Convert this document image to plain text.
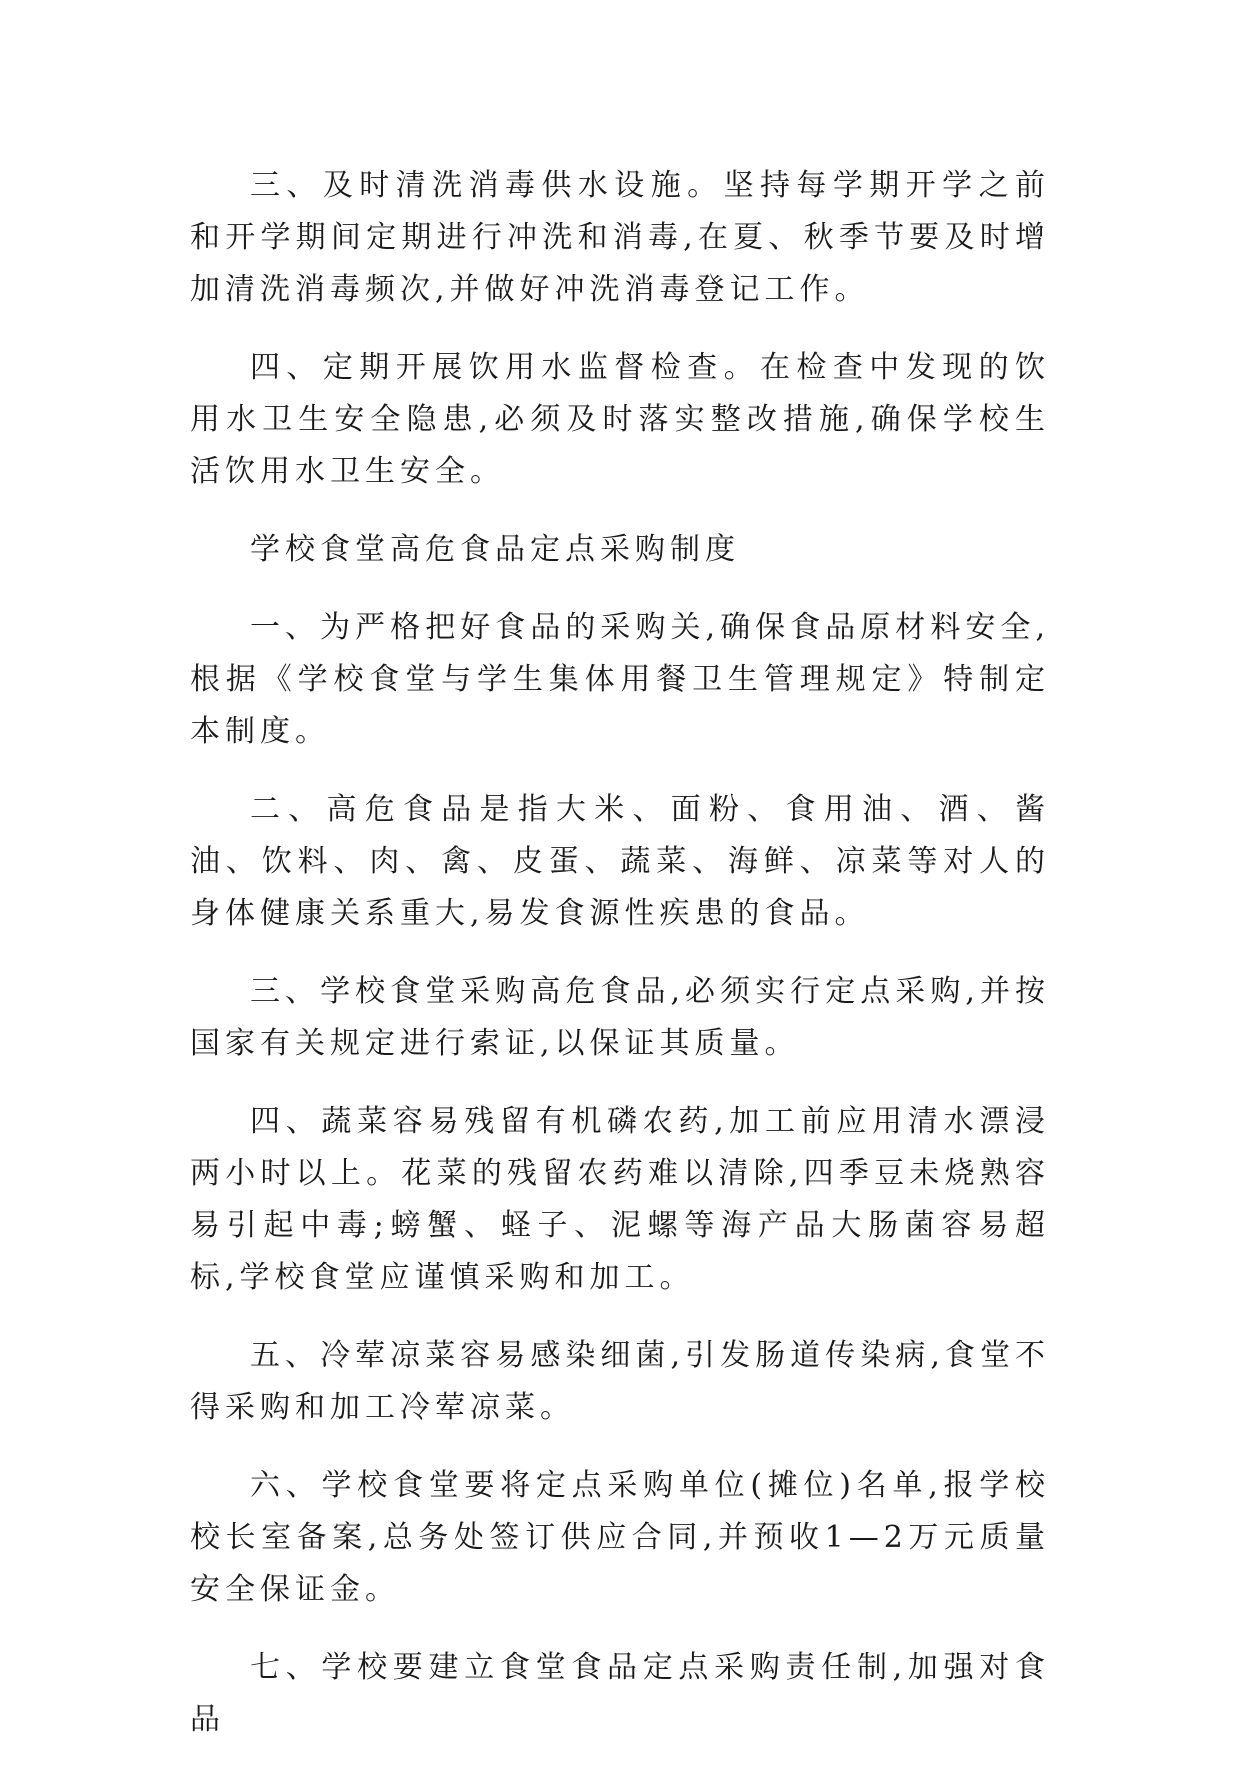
三、及时清洗消毒供水设施。坚持每学期开学之前和开学期间定期进行冲洗和消毒,在夏、秋季节要及时增加清洗消毒频次,并做好冲洗消毒登记工作。

四、定期开展饮用水监督检查。在检查中发现的饮用水卫生安全隐患,必须及时落实整改措施,确保学校生活饮用水卫生安全。

学校食堂高危食品定点采购制度

一、为严格把好食品的采购关,确保食品原材料安全,根据《学校食堂与学生集体用餐卫生管理规定》特制定本制度。

二、高危食品是指大米、面粉、食用油、酒、酱油、饮料、肉、禽、皮蛋、蔬菜、海鲜、凉菜等对人的身体健康关系重大,易发食源性疾患的食品。

三、学校食堂采购高危食品,必须实行定点采购,并按国家有关规定进行索证,以保证其质量。

四、蔬菜容易残留有机磷农药,加工前应用清水漂浸两小时以上。花菜的残留农药难以清除,四季豆未烧熟容易引起中毒;螃蟹、蛏子、泥螺等海产品大肠菌容易超标,学校食堂应谨慎采购和加工。

五、冷荤凉菜容易感染细菌,引发肠道传染病,食堂不得采购和加工冷荤凉菜。

六、学校食堂要将定点采购单位(摊位)名单,报学校校长室备案,总务处签订供应合同,并预收1—2万元质量安全保证金。

七、学校要建立食堂食品定点采购责任制,加强对食品
